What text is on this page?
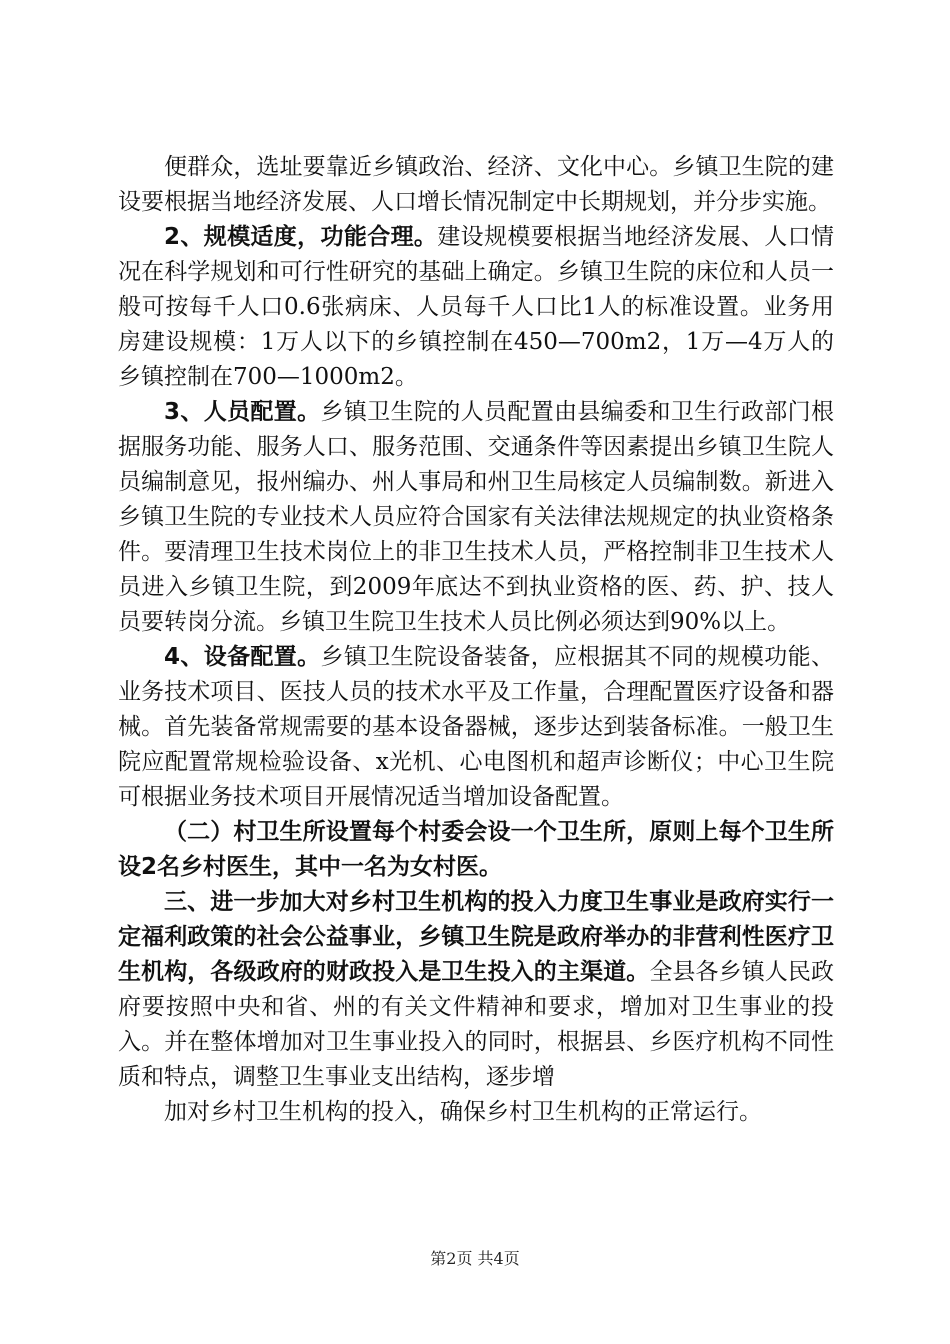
便群众，选址要靠近乡镇政治、经济、文化中心。乡镇卫生院的建设要根据当地经济发展、人口增长情况制定中长期规划，并分步实施。

2、规模适度，功能合理。建设规模要根据当地经济发展、人口情况在科学规划和可行性研究的基础上确定。乡镇卫生院的床位和人员一般可按每千人口0.6张病床、人员每千人口比1人的标准设置。业务用房建设规模：1万人以下的乡镇控制在450—700m2，1万—4万人的乡镇控制在700—1000m2。

3、人员配置。乡镇卫生院的人员配置由县编委和卫生行政部门根据服务功能、服务人口、服务范围、交通条件等因素提出乡镇卫生院人员编制意见，报州编办、州人事局和州卫生局核定人员编制数。新进入乡镇卫生院的专业技术人员应符合国家有关法律法规规定的执业资格条件。要清理卫生技术岗位上的非卫生技术人员，严格控制非卫生技术人员进入乡镇卫生院，到2009年底达不到执业资格的医、药、护、技人员要转岗分流。乡镇卫生院卫生技术人员比例必须达到90%以上。

4、设备配置。乡镇卫生院设备装备，应根据其不同的规模功能、业务技术项目、医技人员的技术水平及工作量，合理配置医疗设备和器械。首先装备常规需要的基本设备器械，逐步达到装备标准。一般卫生院应配置常规检验设备、x光机、心电图机和超声诊断仪；中心卫生院可根据业务技术项目开展情况适当增加设备配置。

（二）村卫生所设置每个村委会设一个卫生所，原则上每个卫生所设2名乡村医生，其中一名为女村医。

三、进一步加大对乡村卫生机构的投入力度卫生事业是政府实行一定福利政策的社会公益事业，乡镇卫生院是政府举办的非营利性医疗卫生机构，各级政府的财政投入是卫生投入的主渠道。全县各乡镇人民政府要按照中央和省、州的有关文件精神和要求，增加对卫生事业的投入。并在整体增加对卫生事业投入的同时，根据县、乡医疗机构不同性质和特点，调整卫生事业支出结构，逐步增

加对乡村卫生机构的投入，确保乡村卫生机构的正常运行。

第2页 共4页
